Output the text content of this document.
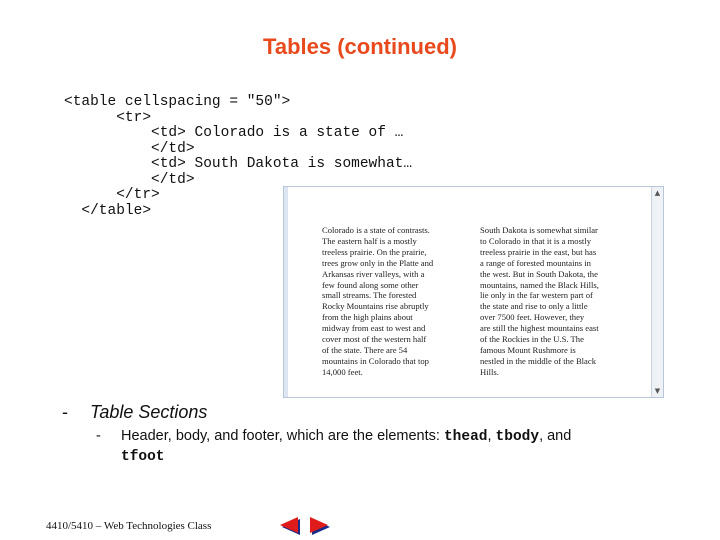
Tables (continued)
<table cellspacing = "50">
<tr>
<td> Colorado is a state of …
</td>
<td> South Dakota is somewhat…
</td>
</tr>
</table>
Colorado is a state of contrasts.
The eastern half is a mostly
treeless prairie. On the prairie,
trees grow only in the Platte and
Arkansas river valleys, with a
few found along some other
small streams. The forested
Rocky Mountains rise abruptly
from the high plains about
midway from east to west and
cover most of the western half
of the state. There are 54
mountains in Colorado that top
14,000 feet.
South Dakota is somewhat similar
to Colorado in that it is a mostly
treeless prairie in the east, but has
a range of forested mountains in
the west. But in South Dakota, the
mountains, named the Black Hills,
lie only in the far western part of
the state and rise to only a little
over 7500 feet. However, they
are still the highest mountains east
of the Rockies in the U.S. The
famous Mount Rushmore is
nestled in the middle of the Black
Hills.
▲
▼
- Table Sections
- Header, body, and footer, which are the elements: thead, tbody, and
tfoot
4410/5410 – Web Technologies Class
